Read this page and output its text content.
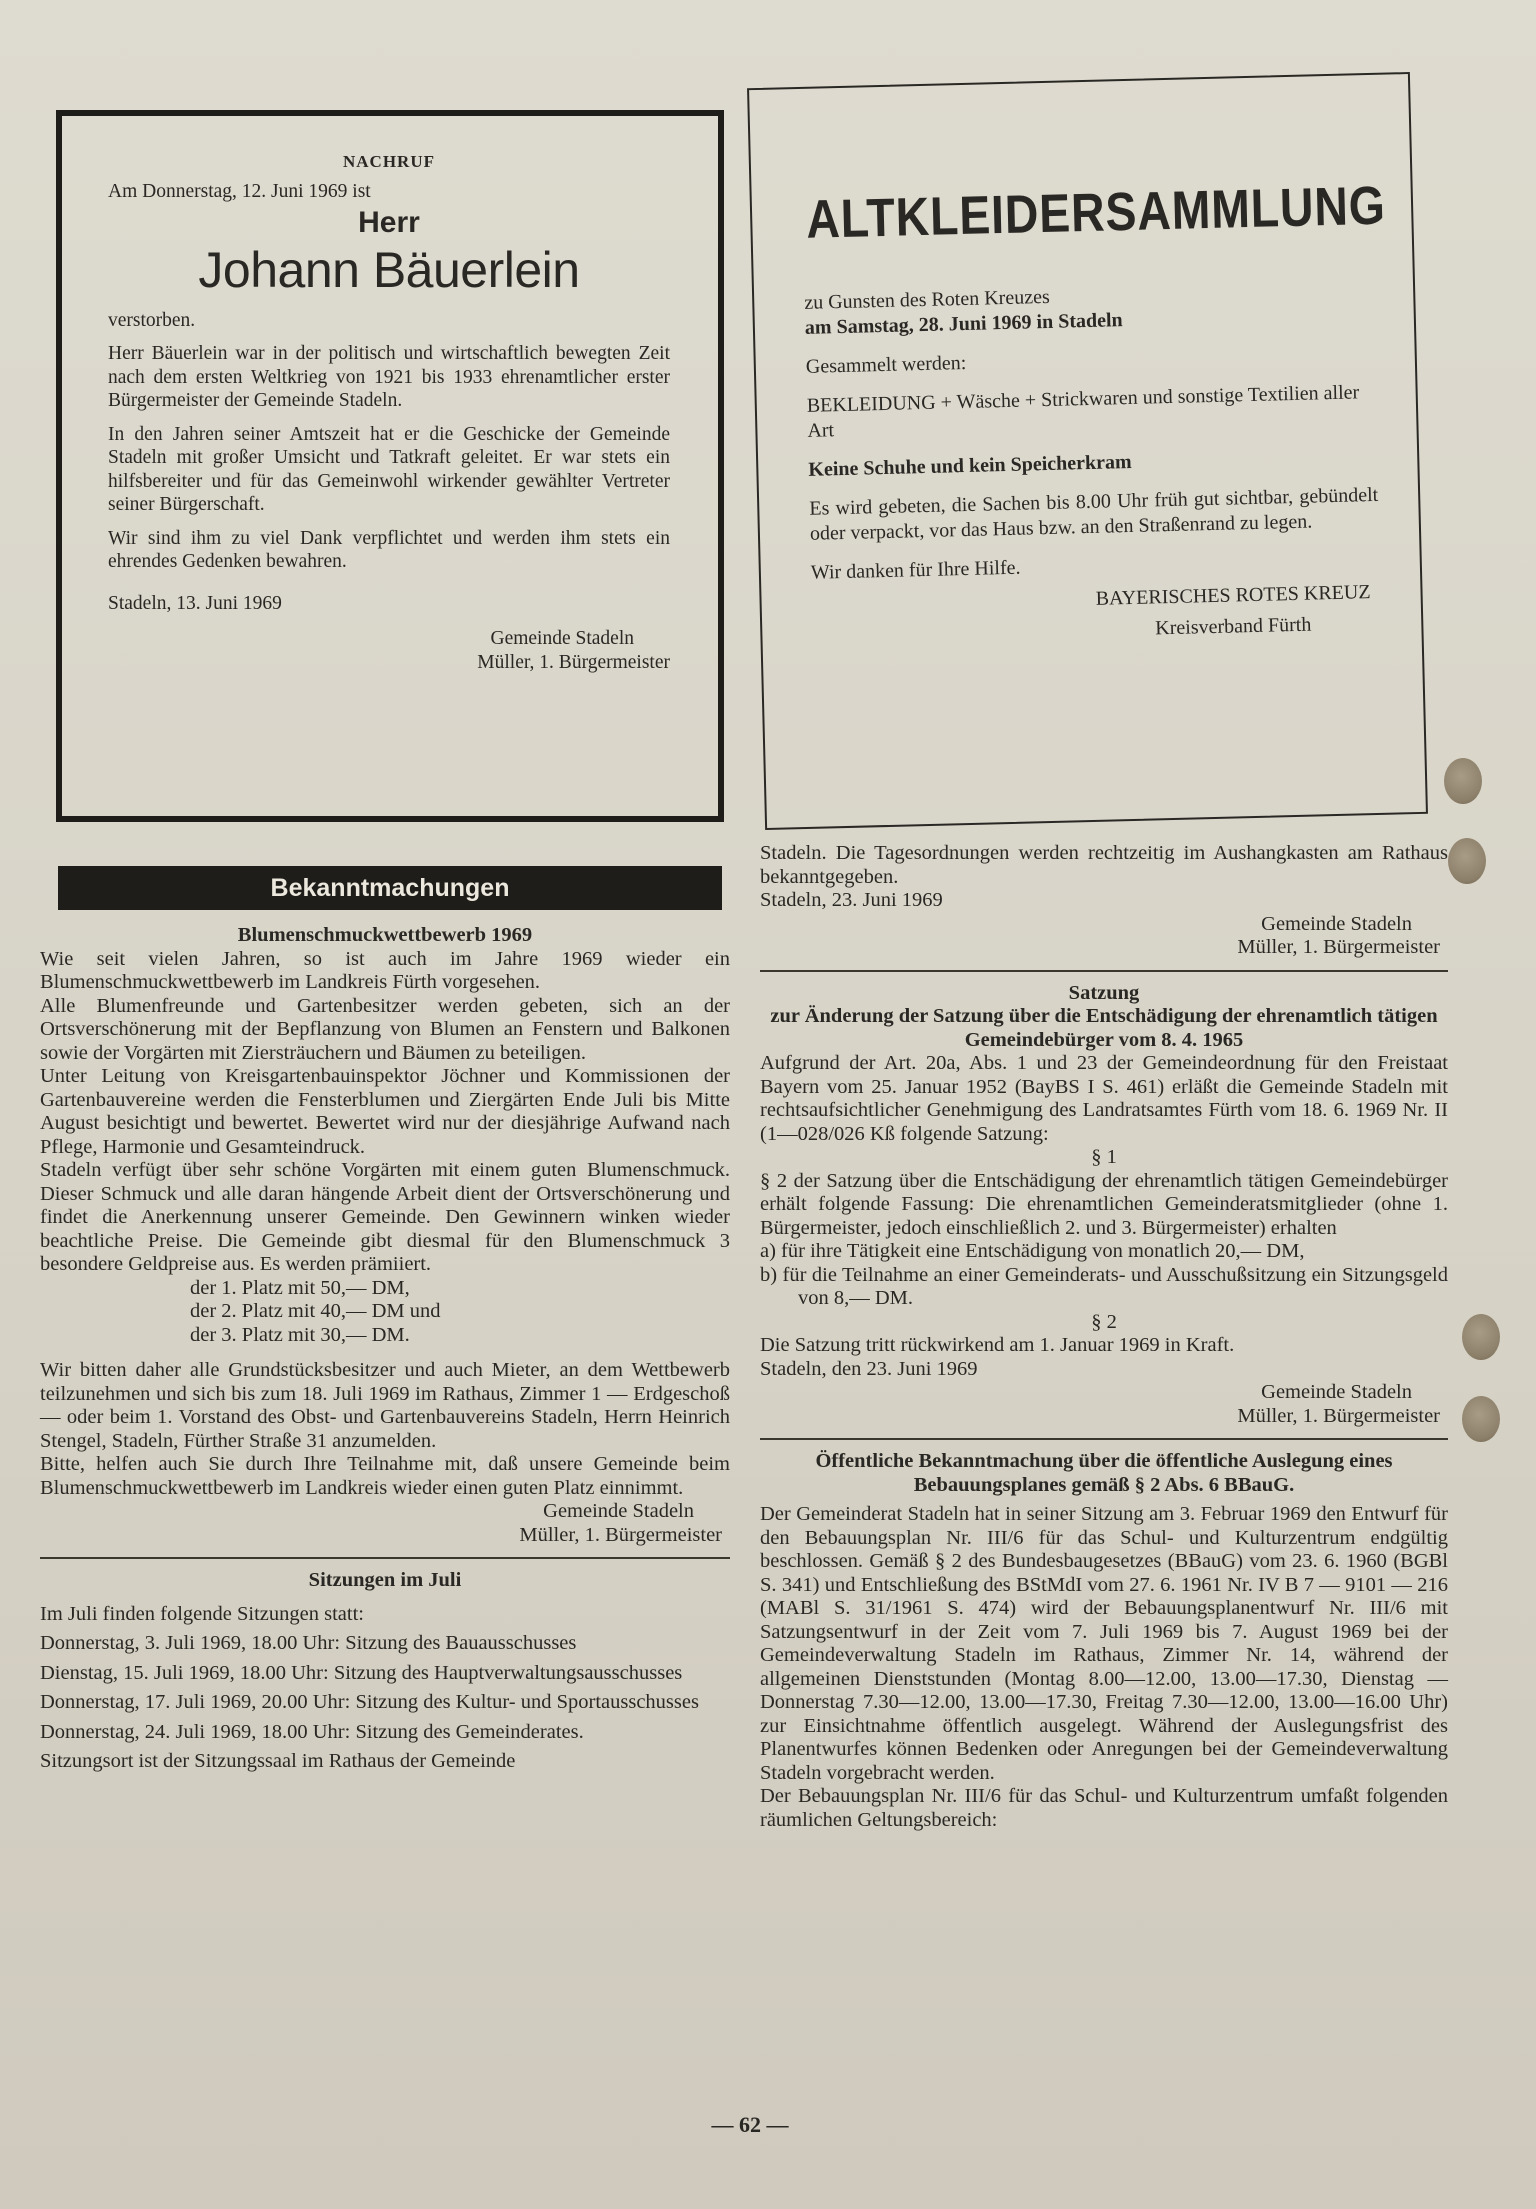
NACHRUF

Am Donnerstag, 12. Juni 1969 ist

Herr

Johann Bäuerlein

verstorben.

Herr Bäuerlein war in der politisch und wirtschaftlich bewegten Zeit nach dem ersten Weltkrieg von 1921 bis 1933 ehrenamtlicher erster Bürgermeister der Gemeinde Stadeln.

In den Jahren seiner Amtszeit hat er die Geschicke der Gemeinde Stadeln mit großer Umsicht und Tatkraft geleitet. Er war stets ein hilfsbereiter und für das Gemeinwohl wirkender gewählter Vertreter seiner Bürgerschaft.

Wir sind ihm zu viel Dank verpflichtet und werden ihm stets ein ehrendes Gedenken bewahren.

Stadeln, 13. Juni 1969

Gemeinde Stadeln

Müller, 1. Bürgermeister

ALTKLEIDERSAMMLUNG

zu Gunsten des Roten Kreuzes

am Samstag, 28. Juni 1969 in Stadeln

Gesammelt werden:

BEKLEIDUNG + Wäsche + Strickwaren und sonstige Textilien aller Art

Keine Schuhe und kein Speicherkram

Es wird gebeten, die Sachen bis 8.00 Uhr früh gut sichtbar, gebündelt oder verpackt, vor das Haus bzw. an den Straßenrand zu legen.

Wir danken für Ihre Hilfe.

BAYERISCHES ROTES KREUZ

Kreisverband Fürth

Bekanntmachungen

Blumenschmuckwettbewerb 1969

Wie seit vielen Jahren, so ist auch im Jahre 1969 wieder ein Blumenschmuckwettbewerb im Landkreis Fürth vorgesehen.

Alle Blumenfreunde und Gartenbesitzer werden gebeten, sich an der Ortsverschönerung mit der Bepflanzung von Blumen an Fenstern und Balkonen sowie der Vorgärten mit Ziersträuchern und Bäumen zu beteiligen.

Unter Leitung von Kreisgartenbauinspektor Jöchner und Kommissionen der Gartenbauvereine werden die Fensterblumen und Ziergärten Ende Juli bis Mitte August besichtigt und bewertet. Bewertet wird nur der diesjährige Aufwand nach Pflege, Harmonie und Gesamteindruck.

Stadeln verfügt über sehr schöne Vorgärten mit einem guten Blumenschmuck. Dieser Schmuck und alle daran hängende Arbeit dient der Ortsverschönerung und findet die Anerkennung unserer Gemeinde. Den Gewinnern winken wieder beachtliche Preise. Die Gemeinde gibt diesmal für den Blumenschmuck 3 besondere Geldpreise aus. Es werden prämiiert.

der 1. Platz mit 50,— DM,

der 2. Platz mit 40,— DM und

der 3. Platz mit 30,— DM.

Wir bitten daher alle Grundstücksbesitzer und auch Mieter, an dem Wettbewerb teilzunehmen und sich bis zum 18. Juli 1969 im Rathaus, Zimmer 1 — Erdgeschoß — oder beim 1. Vorstand des Obst- und Gartenbauvereins Stadeln, Herrn Heinrich Stengel, Stadeln, Fürther Straße 31 anzumelden.

Bitte, helfen auch Sie durch Ihre Teilnahme mit, daß unsere Gemeinde beim Blumenschmuckwettbewerb im Landkreis wieder einen guten Platz einnimmt.

Gemeinde Stadeln

Müller, 1. Bürgermeister

Sitzungen im Juli

Im Juli finden folgende Sitzungen statt:

Donnerstag, 3. Juli 1969, 18.00 Uhr: Sitzung des Bauausschusses

Dienstag, 15. Juli 1969, 18.00 Uhr: Sitzung des Hauptverwaltungsausschusses

Donnerstag, 17. Juli 1969, 20.00 Uhr: Sitzung des Kultur- und Sportausschusses

Donnerstag, 24. Juli 1969, 18.00 Uhr: Sitzung des Gemeinderates.

Sitzungsort ist der Sitzungssaal im Rathaus der Gemeinde

Stadeln. Die Tagesordnungen werden rechtzeitig im Aushangkasten am Rathaus bekanntgegeben.

Stadeln, 23. Juni 1969

Gemeinde Stadeln

Müller, 1. Bürgermeister

Satzung

zur Änderung der Satzung über die Entschädigung der ehrenamtlich tätigen Gemeindebürger vom 8. 4. 1965

Aufgrund der Art. 20a, Abs. 1 und 23 der Gemeindeordnung für den Freistaat Bayern vom 25. Januar 1952 (BayBS I S. 461) erläßt die Gemeinde Stadeln mit rechtsaufsichtlicher Genehmigung des Landratsamtes Fürth vom 18. 6. 1969 Nr. II (1—028/026 Kß folgende Satzung:

§ 1

§ 2 der Satzung über die Entschädigung der ehrenamtlich tätigen Gemeindebürger erhält folgende Fassung: Die ehrenamtlichen Gemeinderatsmitglieder (ohne 1. Bürgermeister, jedoch einschließlich 2. und 3. Bürgermeister) erhalten

a) für ihre Tätigkeit eine Entschädigung von monatlich 20,— DM,

b) für die Teilnahme an einer Gemeinderats- und Ausschußsitzung ein Sitzungsgeld von 8,— DM.

§ 2

Die Satzung tritt rückwirkend am 1. Januar 1969 in Kraft.

Stadeln, den 23. Juni 1969

Gemeinde Stadeln

Müller, 1. Bürgermeister

Öffentliche Bekanntmachung über die öffentliche Auslegung eines Bebauungsplanes gemäß § 2 Abs. 6 BBauG.

Der Gemeinderat Stadeln hat in seiner Sitzung am 3. Februar 1969 den Entwurf für den Bebauungsplan Nr. III/6 für das Schul- und Kulturzentrum endgültig beschlossen. Gemäß § 2 des Bundesbaugesetzes (BBauG) vom 23. 6. 1960 (BGBl S. 341) und Entschließung des BStMdI vom 27. 6. 1961 Nr. IV B 7 — 9101 — 216 (MABl S. 31/1961 S. 474) wird der Bebauungsplanentwurf Nr. III/6 mit Satzungsentwurf in der Zeit vom 7. Juli 1969 bis 7. August 1969 bei der Gemeindeverwaltung Stadeln im Rathaus, Zimmer Nr. 14, während der allgemeinen Dienststunden (Montag 8.00—12.00, 13.00—17.30, Dienstag — Donnerstag 7.30—12.00, 13.00—17.30, Freitag 7.30—12.00, 13.00—16.00 Uhr) zur Einsichtnahme öffentlich ausgelegt. Während der Auslegungsfrist des Planentwurfes können Bedenken oder Anregungen bei der Gemeindeverwaltung Stadeln vorgebracht werden.

Der Bebauungsplan Nr. III/6 für das Schul- und Kulturzentrum umfaßt folgenden räumlichen Geltungsbereich:

— 62 —
